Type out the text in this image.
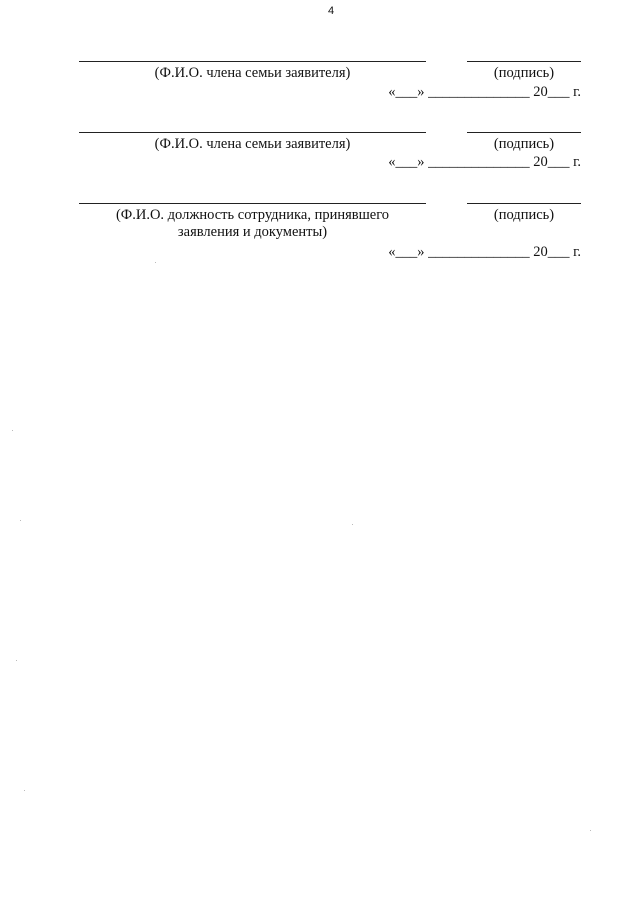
4
(Ф.И.О. члена семьи заявителя)	(подпись)
«___» ______________ 20___ г.
(Ф.И.О. члена семьи заявителя)	(подпись)
«___» ______________ 20___ г.
(Ф.И.О. должность сотрудника, принявшего
заявления и документы)
(подпись)
«___» ______________ 20___ г.
